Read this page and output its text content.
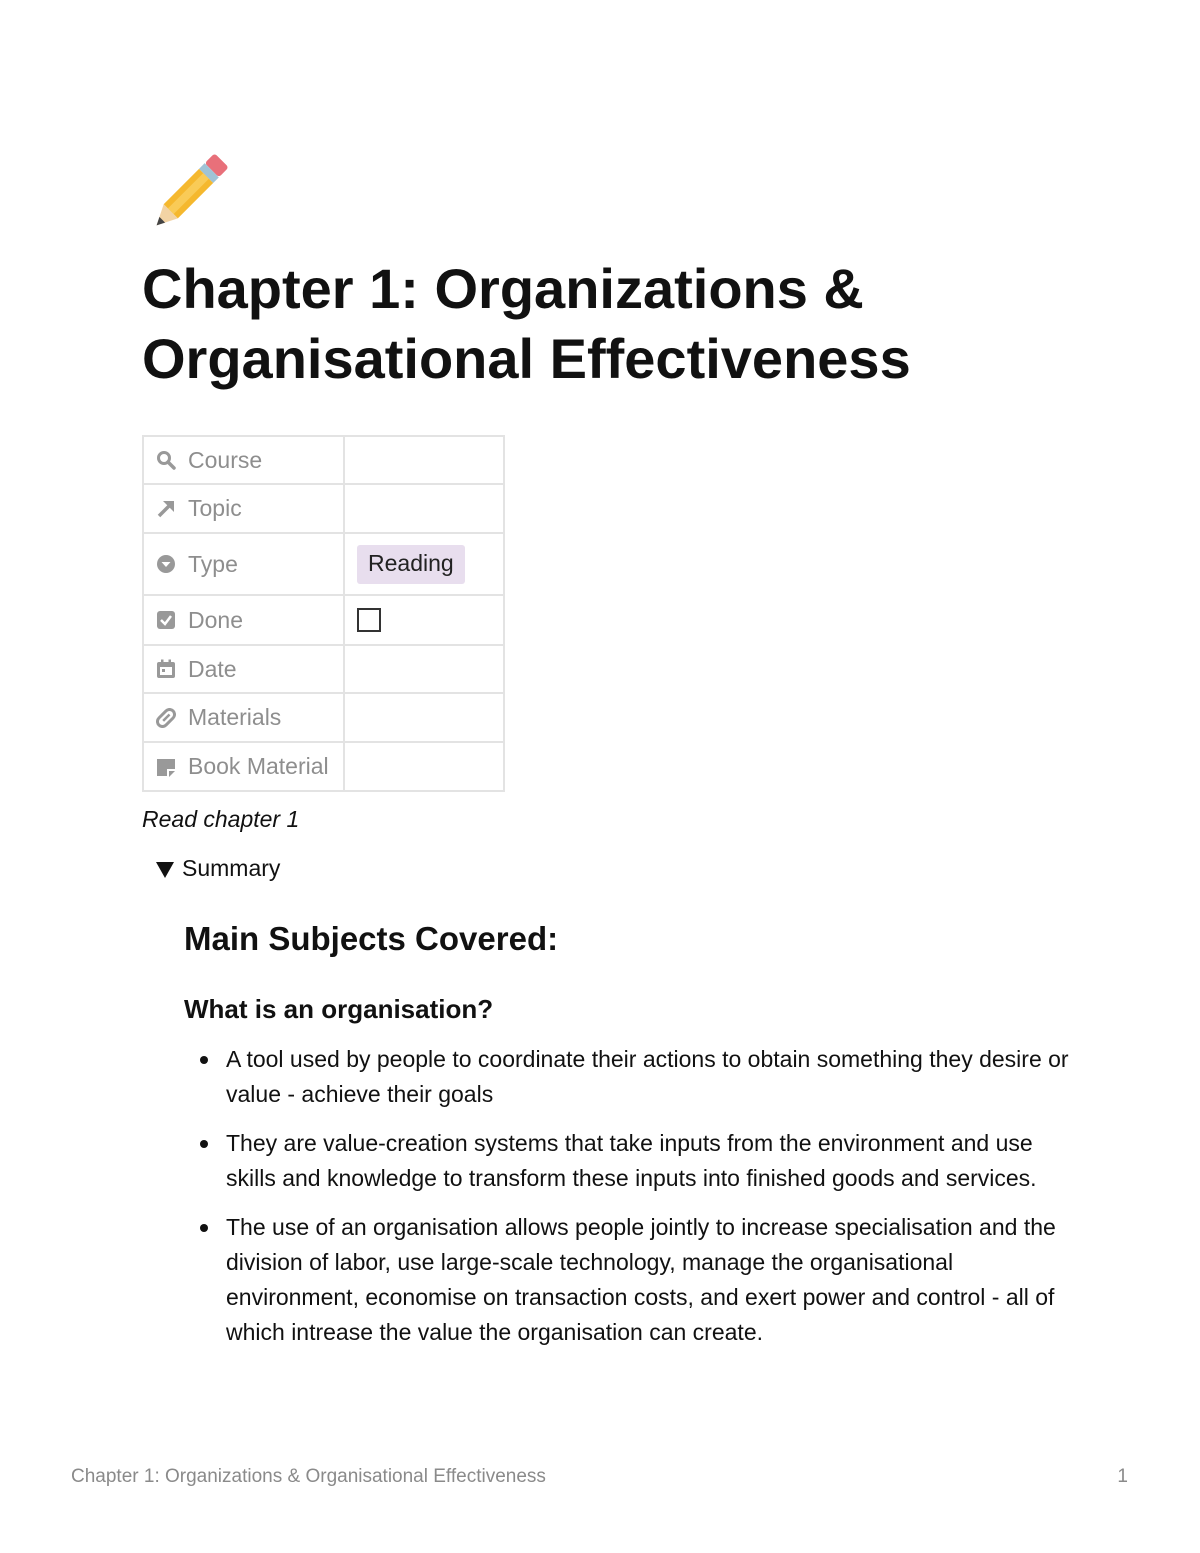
Chapter 1: Organizations & Organisational Effectiveness
Course	

Topic	

Type	Reading

Done	

Date	

Materials	

Book Material	

Read chapter 1
Summary
Main Subjects Covered:
What is an organisation?
A tool used by people to coordinate their actions to obtain something they desire or value - achieve their goals
They are value-creation systems that take inputs from the environment and use skills and knowledge to transform these inputs into finished goods and services.
The use of an organisation allows people jointly to increase specialisation and the division of labor, use large-scale technology, manage the organisational environment, economise on transaction costs, and exert power and control - all of which intrease the value the organisation can create.
Chapter 1: Organizations & Organisational Effectiveness	1
